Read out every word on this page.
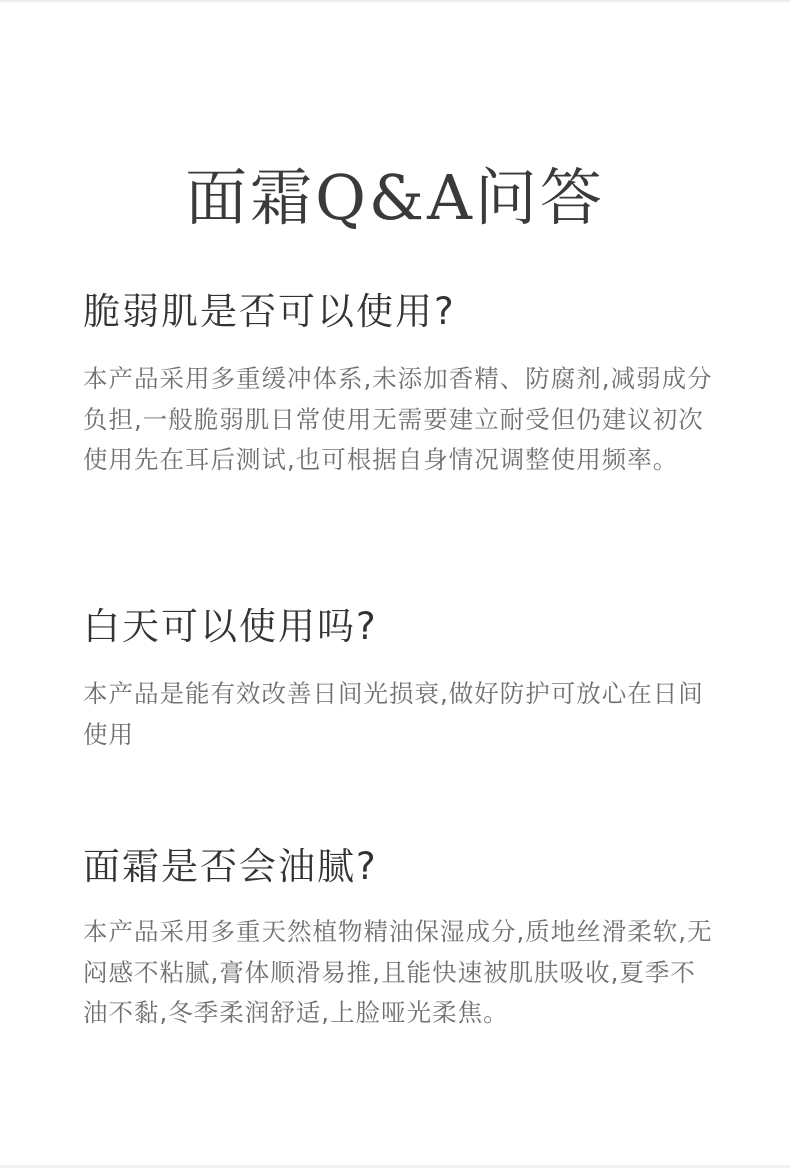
面霜Q&A问答
脆弱肌是否可以使用?

本产品采用多重缓冲体系,未添加香精、防腐剂,减弱成分负担,一般脆弱肌日常使用无需要建立耐受但仍建议初次使用先在耳后测试,也可根据自身情况调整使用频率。

白天可以使用吗?

本产品是能有效改善日间光损衰,做好防护可放心在日间使用

面霜是否会油腻?

本产品采用多重天然植物精油保湿成分,质地丝滑柔软,无闷感不粘腻,膏体顺滑易推,且能快速被肌肤吸收,夏季不油不黏,冬季柔润舒适,上脸哑光柔焦。
